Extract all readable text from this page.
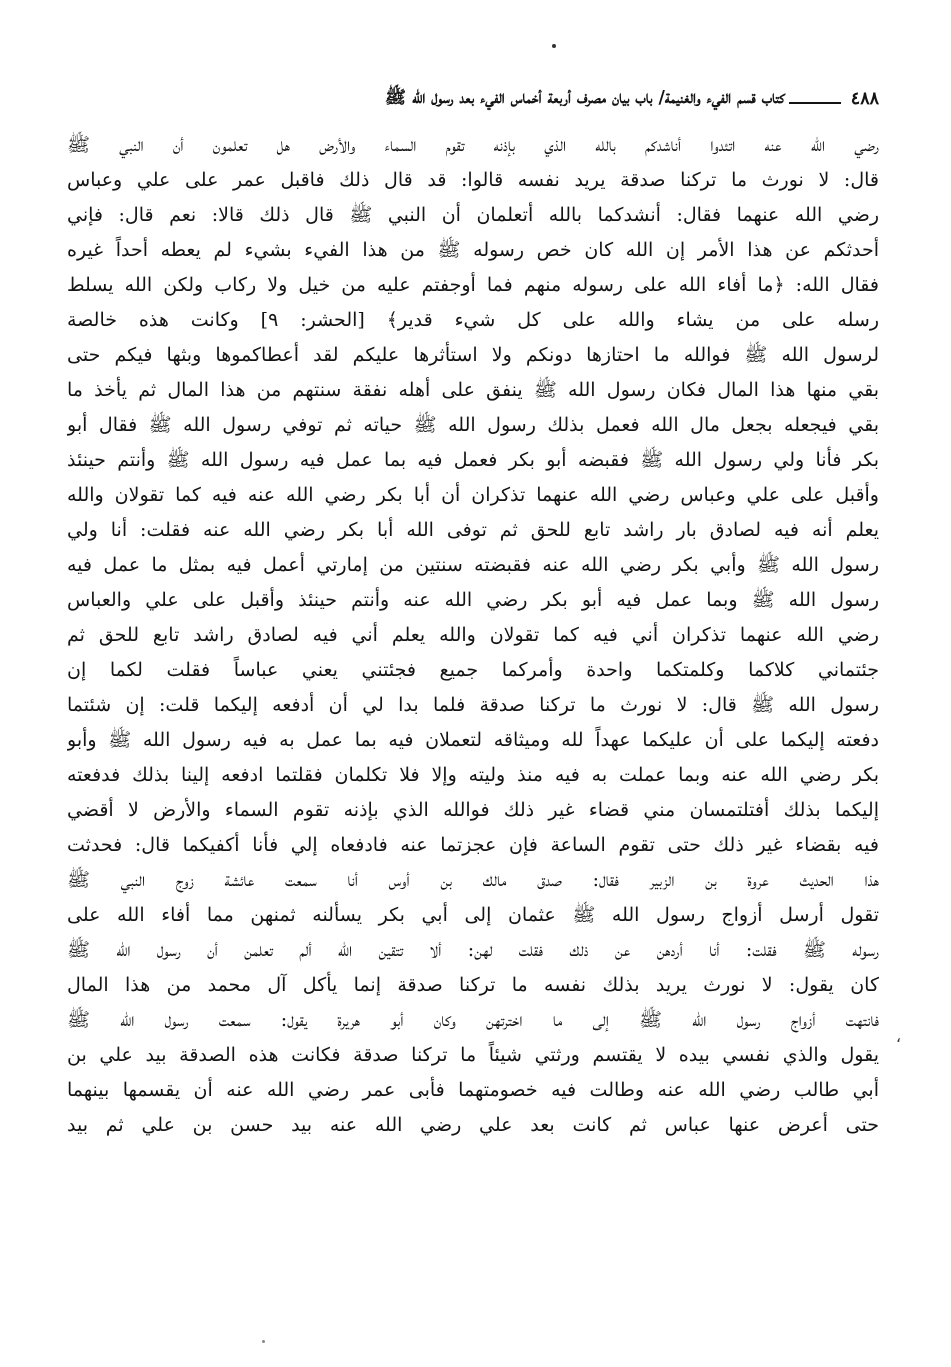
٤٨٨
كتاب قسم الفيء والغنيمة/ باب بيان مصرف أربعة أخماس الفيء بعد رسول الله ﷺ
رضي الله عنه اتئدوا أناشدكم بالله الذي بإذنه تقوم السماء والأرض هل تعلمون أن النبي ﷺ
قال: لا نورث ما تركنا صدقة يريد نفسه قالوا: قد قال ذلك فاقبل عمر على علي وعباس
رضي الله عنهما فقال: أنشدكما بالله أتعلمان أن النبي ﷺ قال ذلك قالا: نعم قال: فإني
أحدثكم عن هذا الأمر إن الله كان خص رسوله ﷺ من هذا الفيء بشيء لم يعطه أحداً غيره
فقال الله: ﴿ما أفاء الله على رسوله منهم فما أوجفتم عليه من خيل ولا ركاب ولكن الله يسلط
رسله على من يشاء والله على كل شيء قدير﴾ [الحشر: ٩] وكانت هذه خالصة
لرسول الله ﷺ فوالله ما احتازها دونكم ولا استأثرها عليكم لقد أعطاكموها وبثها فيكم حتى
بقي منها هذا المال فكان رسول الله ﷺ ينفق على أهله نفقة سنتهم من هذا المال ثم يأخذ ما
بقي فيجعله بجعل مال الله فعمل بذلك رسول الله ﷺ حياته ثم توفي رسول الله ﷺ فقال أبو
بكر فأنا ولي رسول الله ﷺ فقبضه أبو بكر فعمل فيه بما عمل فيه رسول الله ﷺ وأنتم حينئذ
وأقبل على علي وعباس رضي الله عنهما تذكران أن أبا بكر رضي الله عنه فيه كما تقولان والله
يعلم أنه فيه لصادق بار راشد تابع للحق ثم توفى الله أبا بكر رضي الله عنه فقلت: أنا ولي
رسول الله ﷺ وأبي بكر رضي الله عنه فقبضته سنتين من إمارتي أعمل فيه بمثل ما عمل فيه
رسول الله ﷺ وبما عمل فيه أبو بكر رضي الله عنه وأنتم حينئذ وأقبل على علي والعباس
رضي الله عنهما تذكران أني فيه كما تقولان والله يعلم أني فيه لصادق راشد تابع للحق ثم
جئتماني كلاكما وكلمتكما واحدة وأمركما جميع فجئتني يعني عباساً فقلت لكما إن
رسول الله ﷺ قال: لا نورث ما تركنا صدقة فلما بدا لي أن أدفعه إليكما قلت: إن شئتما
دفعته إليكما على أن عليكما عهداً لله وميثاقه لتعملان فيه بما عمل به فيه رسول الله ﷺ وأبو
بكر رضي الله عنه وبما عملت به فيه منذ وليته وإلا فلا تكلمان فقلتما ادفعه إلينا بذلك فدفعته
إليكما بذلك أفتلتمسان مني قضاء غير ذلك فوالله الذي بإذنه تقوم السماء والأرض لا أقضي
فيه بقضاء غير ذلك حتى تقوم الساعة فإن عجزتما عنه فادفعاه إلي فأنا أكفيكما قال: فحدثت
هذا الحديث عروة بن الزبير فقال: صدق مالك بن أوس أنا سمعت عائشة زوج النبي ﷺ
تقول أرسل أزواج رسول الله ﷺ عثمان إلى أبي بكر يسألنه ثمنهن مما أفاء الله على
رسوله ﷺ فقلت: أنا أردهن عن ذلك فقلت لهن: ألا تتقين الله ألم تعلمن أن رسول الله ﷺ
كان يقول: لا نورث يريد بذلك نفسه ما تركنا صدقة إنما يأكل آل محمد من هذا المال
فانتهت أزواج رسول الله ﷺ إلى ما اخترتهن وكان أبو هريرة يقول: سمعت رسول الله ﷺ
يقول والذي نفسي بيده لا يقتسم ورثتي شيئاً ما تركنا صدقة فكانت هذه الصدقة بيد علي بن
أبي طالب رضي الله عنه وطالت فيه خصومتهما فأبى عمر رضي الله عنه أن يقسمها بينهما
حتى أعرض عنها عباس ثم كانت بعد علي رضي الله عنه بيد حسن بن علي ثم بيد
،
